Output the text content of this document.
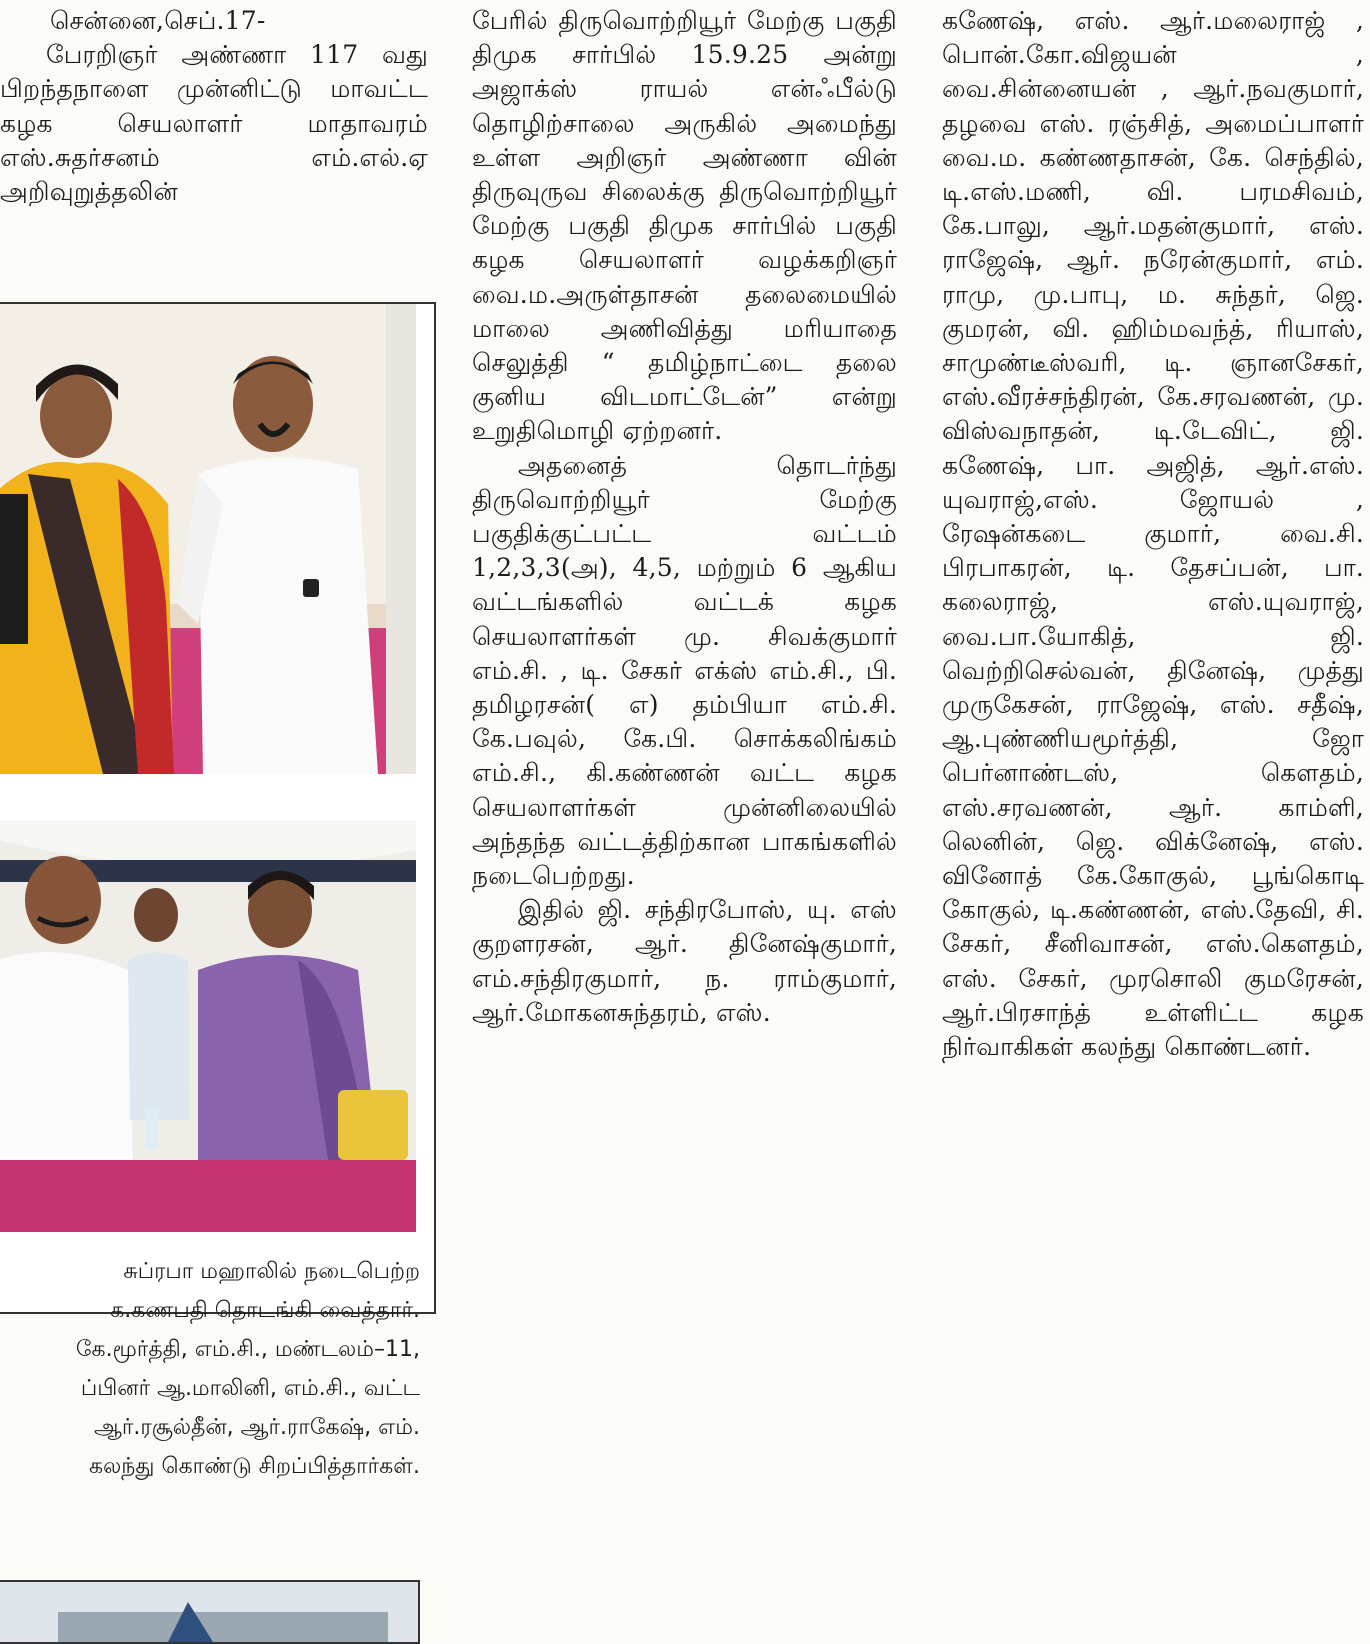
சென்னை,செப்.17-

பேரறிஞர் அண்ணா 117 வது பிறந்தநாளை முன்னிட்டு மாவட்ட கழக செயலாளர் மாதாவரம் எஸ்.சுதர்சனம் எம்.எல்.ஏ அறிவுறுத்தலின்

சுப்ரபா மஹாலில் நடைபெற்ற
க.கணபதி தொடங்கி வைத்தார்.
கே.மூர்த்தி, எம்.சி., மண்டலம்–11,
ப்பினர் ஆ.மாலினி, எம்.சி., வட்ட
ஆர்.ரசூல்தீன், ஆர்.ராகேஷ், எம்.
கலந்து கொண்டு சிறப்பித்தார்கள்.

பேரில் திருவொற்றியூர் மேற்கு பகுதி திமுக சார்பில் 15.9.25 அன்று அஜாக்ஸ் ராயல் என்ஃபீல்டு தொழிற்சாலை அருகில் அமைந்து உள்ள அறிஞர் அண்ணா வின் திருவுருவ சிலைக்கு திருவொற்றியூர் மேற்கு பகுதி திமுக சார்பில் பகுதி கழக செயலாளர் வழக்கறிஞர் வை.ம.அருள்தாசன் தலைமையில் மாலை அணிவித்து மரியாதை செலுத்தி “ தமிழ்நாட்டை தலை குனிய விடமாட்டேன்” என்று உறுதிமொழி ஏற்றனர்.

அதனைத் தொடர்ந்து திருவொற்றியூர் மேற்கு பகுதிக்குட்பட்ட வட்டம் 1,2,3,3(அ), 4,5, மற்றும் 6 ஆகிய வட்டங்களில் வட்டக் கழக செயலாளர்கள் மு. சிவக்குமார் எம்.சி. , டி. சேகர் எக்ஸ் எம்.சி., பி. தமிழரசன்( எ) தம்பியா எம்.சி. கே.பவுல், கே.பி. சொக்கலிங்கம் எம்.சி., கி.கண்ணன் வட்ட கழக செயலாளர்கள் முன்னிலையில் அந்தந்த வட்டத்திற்கான பாகங்களில் நடைபெற்றது.

இதில் ஜி. சந்திரபோஸ், யு. எஸ் குறளரசன், ஆர். தினேஷ்குமார், எம்.சந்திரகுமார், ந. ராம்குமார், ஆர்.மோகனசுந்தரம், எஸ்.

கணேஷ், எஸ். ஆர்.மலைராஜ் , பொன்.கோ.விஜயன் , வை.சின்னையன் , ஆர்.நவகுமார், தழவை எஸ். ரஞ்சித், அமைப்பாளர் வை.ம. கண்ணதாசன், கே. செந்தில், டி.எஸ்.மணி, வி. பரமசிவம், கே.பாலு, ஆர்.மதன்குமார், எஸ். ராஜேஷ், ஆர். நரேன்குமார், எம். ராமு, மு.பாபு, ம. சுந்தர், ஜெ. குமரன், வி. ஹிம்மவந்த், ரியாஸ், சாமுண்டீஸ்வரி, டி. ஞானசேகர், எஸ்.வீரச்சந்திரன், கே.சரவணன், மு. விஸ்வநாதன், டி.டேவிட், ஜி. கணேஷ், பா. அஜித், ஆர்.எஸ். யுவராஜ்,எஸ். ஜோயல் , ரேஷன்கடை குமார், வை.சி. பிரபாகரன், டி. தேசப்பன், பா. கலைராஜ், எஸ்.யுவராஜ், வை.பா.யோகித், ஜி. வெற்றிசெல்வன், தினேஷ், முத்து முருகேசன், ராஜேஷ், எஸ். சதீஷ், ஆ.புண்ணியமூர்த்தி, ஜோ பெர்னாண்டஸ், கௌதம், எஸ்.சரவணன், ஆர். காம்ளி, லெனின், ஜெ. விக்னேஷ், எஸ். வினோத் கே.கோகுல், பூங்கொடி கோகுல், டி.கண்ணன், எஸ்.தேவி, சி. சேகர், சீனிவாசன், எஸ்.கௌதம், எஸ். சேகர், முரசொலி குமரேசன், ஆர்.பிரசாந்த் உள்ளிட்ட கழக நிர்வாகிகள் கலந்து கொண்டனர்.
